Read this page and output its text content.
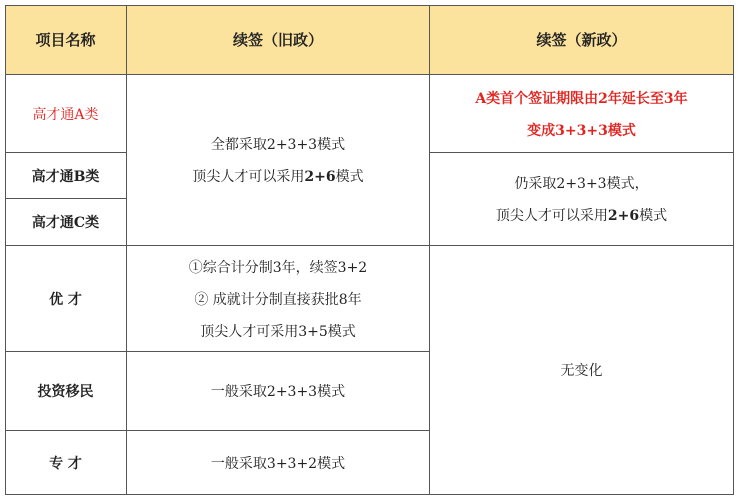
项目名称	续签（旧政）	续签（新政）
高才通A类
高才通B类
高才通C类
优 才
投资移民
专 才
全都采取2+3+3模式
顶尖人才可以采用2+6模式
①综合计分制3年，续签3+2
② 成就计分制直接获批8年
顶尖人才可采用3+5模式
一般采取2+3+3模式
一般采取3+3+2模式
A类首个签证期限由2年延长至3年
变成3+3+3模式
仍采取2+3+3模式，
顶尖人才可以采用2+6模式
无变化
